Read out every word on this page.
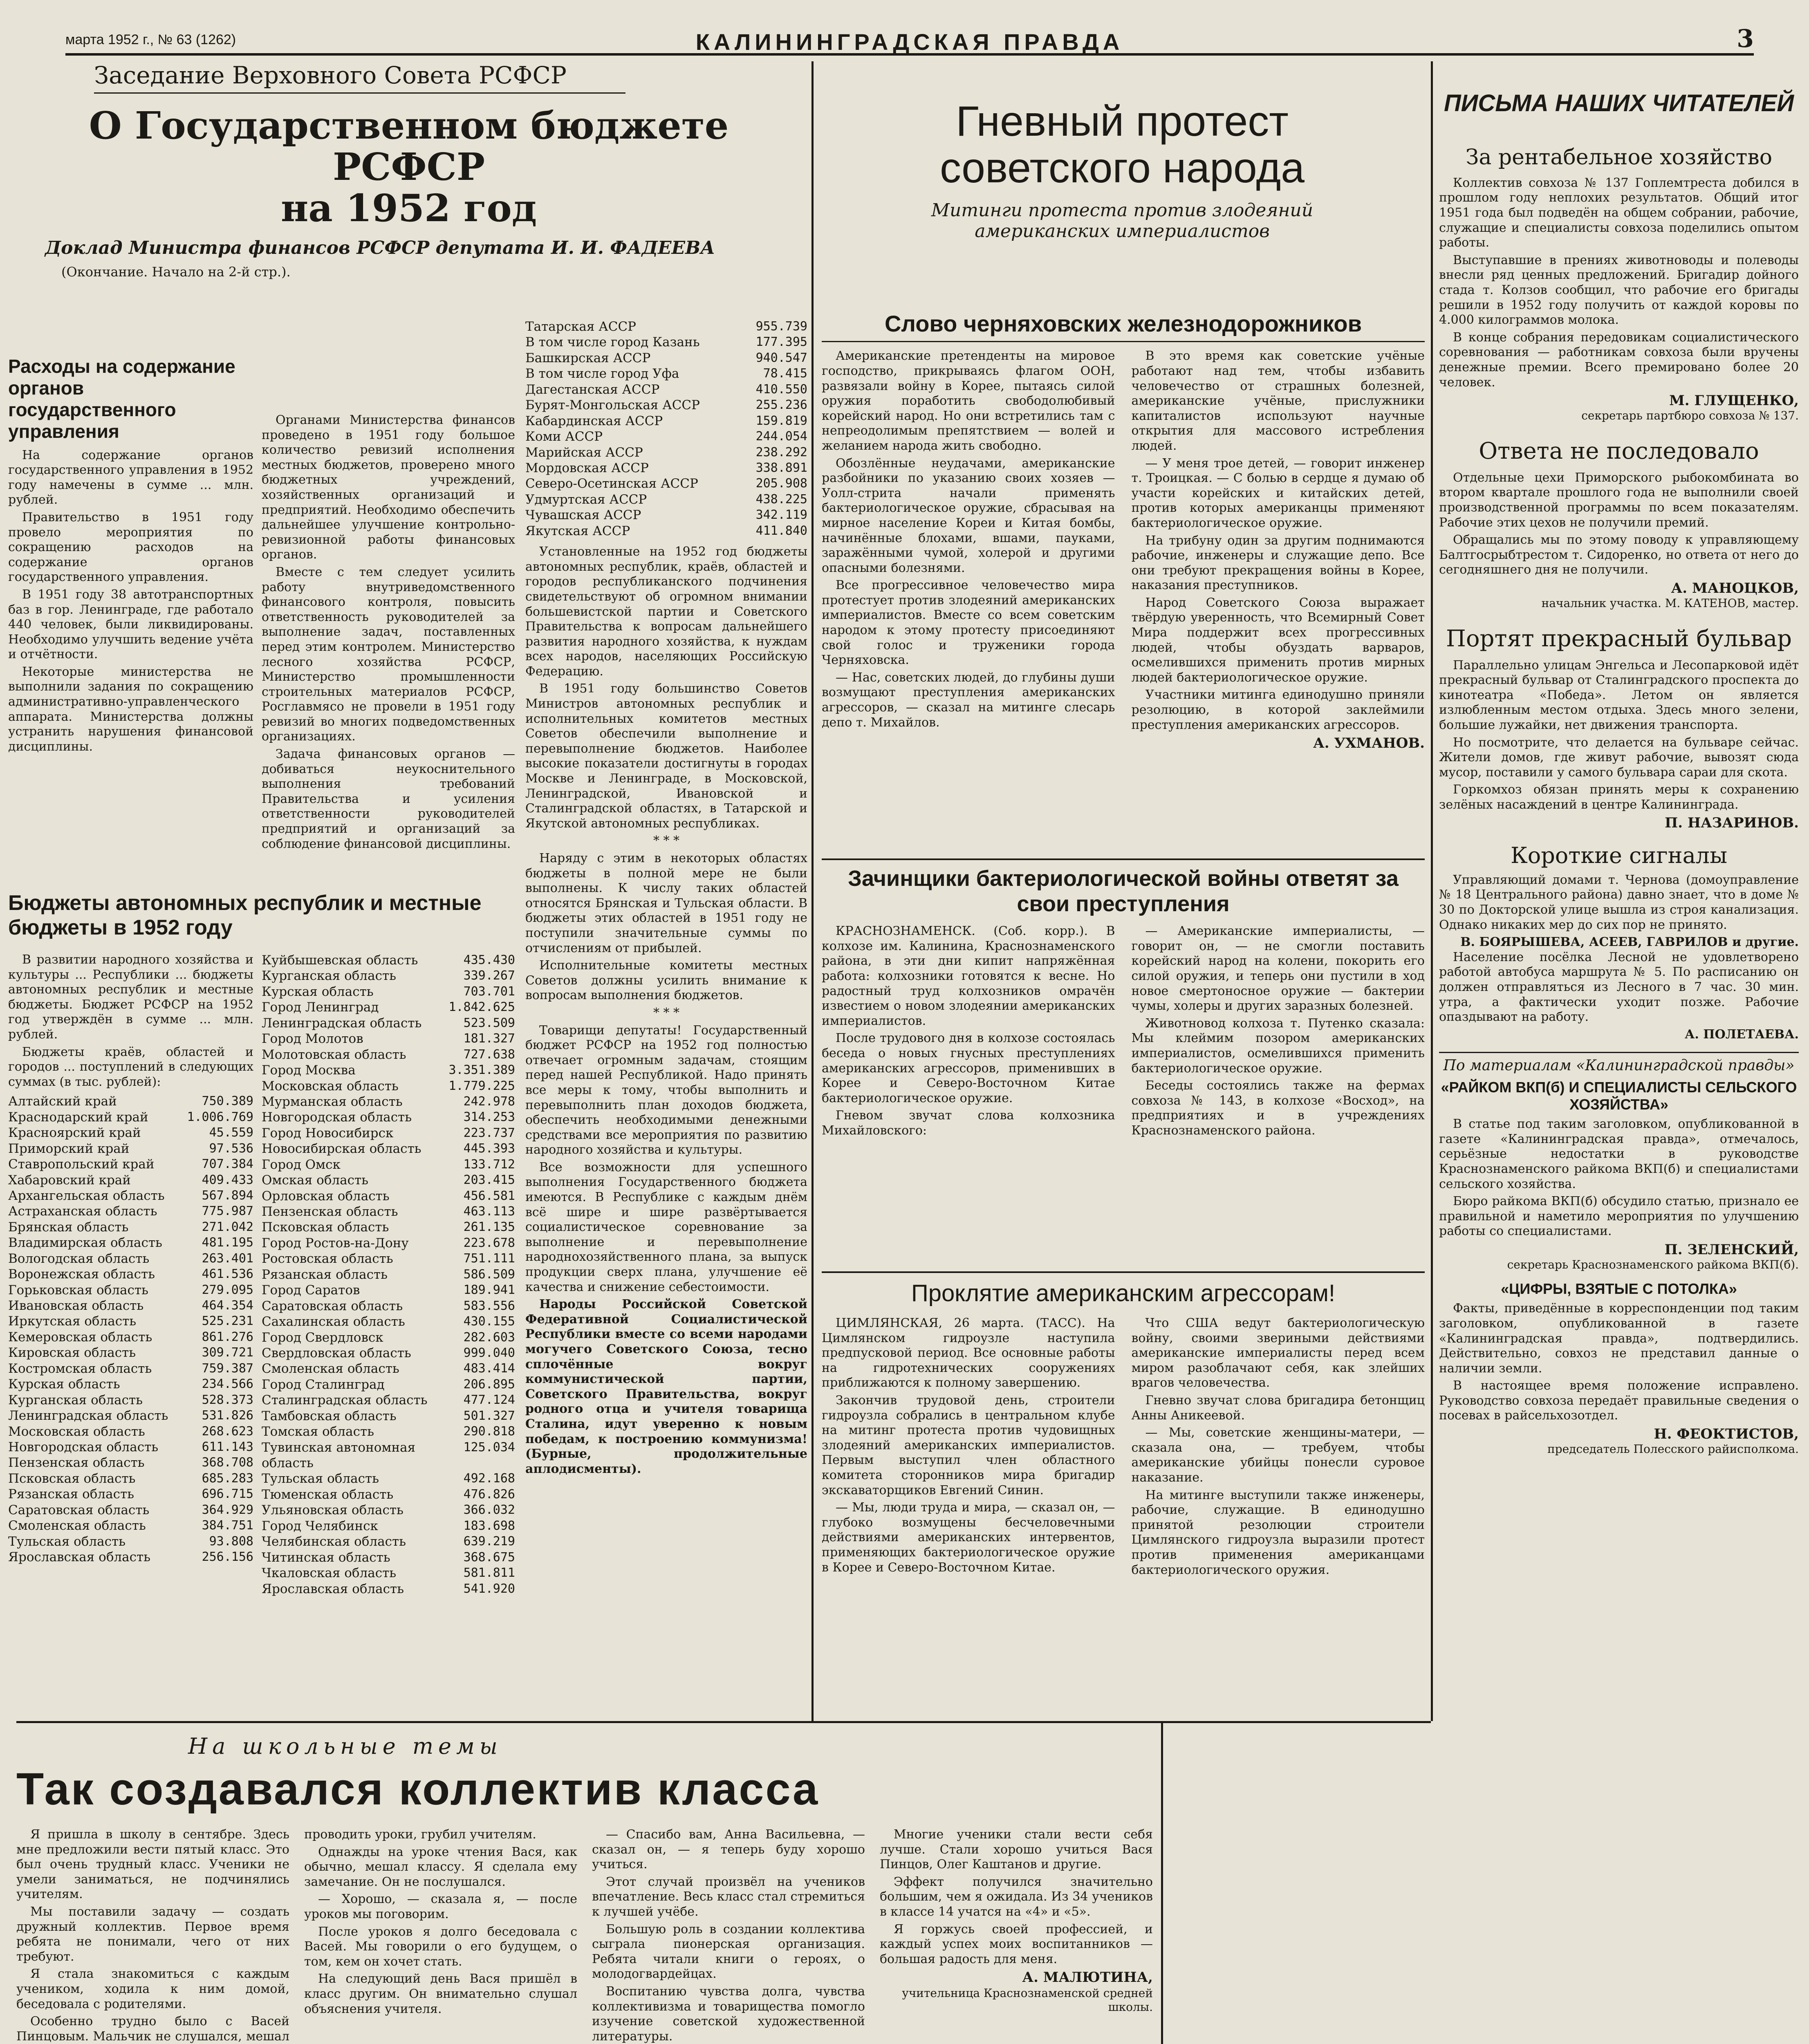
марта 1952 г., № 63 (1262)	КАЛИНИНГРАДСКАЯ ПРАВДА	3
Заседание Верховного Совета РСФСР
О Государственном бюджете РСФСР
на 1952 год
Доклад Министра финансов РСФСР депутата И. И. ФАДЕЕВА
(Окончание. Начало на 2-й стр.).
Расходы на содержание органов государственного управления

На содержание органов государственного управления в 1952 году намечены в сумме ... млн. рублей.

Правительство в 1951 году провело мероприятия по сокращению расходов на содержание органов государственного управления.

В 1951 году 38 автотранспортных баз в гор. Ленинграде, где работало 440 человек, были ликвидированы. Необходимо улучшить ведение учёта и отчётности.

Некоторые министерства не выполнили задания по сокращению административно-управленческого аппарата. Министерства должны устранить нарушения финансовой дисциплины.

Органами Министерства финансов проведено в 1951 году большое количество ревизий исполнения местных бюджетов, проверено много бюджетных учреждений, хозяйственных организаций и предприятий. Необходимо обеспечить дальнейшее улучшение контрольно-ревизионной работы финансовых органов.

Вместе с тем следует усилить работу внутриведомственного финансового контроля, повысить ответственность руководителей за выполнение задач, поставленных перед этим контролем. Министерство лесного хозяйства РСФСР, Министерство промышленности строительных материалов РСФСР, Росглавмясо не провели в 1951 году ревизий во многих подведомственных организациях.

Задача финансовых органов — добиваться неукоснительного выполнения требований Правительства и усиления ответственности руководителей предприятий и организаций за соблюдение финансовой дисциплины.

Бюджеты автономных республик и местные бюджеты в 1952 году

В развитии народного хозяйства и культуры ... Республики ... бюджеты автономных республик и местные бюджеты. Бюджет РСФСР на 1952 год утверждён в сумме ... млн. рублей.

Бюджеты краёв, областей и городов ... поступлений в следующих суммах (в тыс. рублей):

Алтайский край	750.389
Краснодарский край	1.006.769
Красноярский край	45.559
Приморский край	97.536
Ставропольский край	707.384
Хабаровский край	409.433
Архангельская область	567.894
Астраханская область	775.987
Брянская область	271.042
Владимирская область	481.195
Вологодская область	263.401
Воронежская область	461.536
Горьковская область	279.095
Ивановская область	464.354
Иркутская область	525.231
Кемеровская область	861.276
Кировская область	309.721
Костромская область	759.387
Курская область	234.566
Курганская область	528.373
Ленинградская область	531.826
Московская область	268.623
Новгородская область	611.143
Пензенская область	368.708
Псковская область	685.283
Рязанская область	696.715
Саратовская область	364.929
Смоленская область	384.751
Тульская область	93.808
Ярославская область	256.156
Куйбышевская область	435.430
Курганская область	339.267
Курская область	703.701
Город Ленинград	1.842.625
Ленинградская область	523.509
Город Молотов	181.327
Молотовская область	727.638
Город Москва	3.351.389
Московская область	1.779.225
Мурманская область	242.978
Новгородская область	314.253
Город Новосибирск	223.737
Новосибирская область	445.393
Город Омск	133.712
Омская область	203.415
Орловская область	456.581
Пензенская область	463.113
Псковская область	261.135
Город Ростов-на-Дону	223.678
Ростовская область	751.111
Рязанская область	586.509
Город Саратов	189.941
Саратовская область	583.556
Сахалинская область	430.155
Город Свердловск	282.603
Свердловская область	999.040
Смоленская область	483.414
Город Сталинград	206.895
Сталинградская область	477.124
Тамбовская область	501.327
Томская область	290.818
Тувинская автономная область
125.034
Тульская область	492.168
Тюменская область	476.826
Ульяновская область	366.032
Город Челябинск	183.698
Челябинская область	639.219
Читинская область	368.675
Чкаловская область	581.811
Ярославская область	541.920
Татарская АССР	955.739
В том числе город Казань	177.395
Башкирская АССР	940.547
В том числе город Уфа	78.415
Дагестанская АССР	410.550
Бурят-Монгольская АССР	255.236
Кабардинская АССР	159.819
Коми АССР	244.054
Марийская АССР	238.292
Мордовская АССР	338.891
Северо-Осетинская АССР	205.908
Удмуртская АССР	438.225
Чувашская АССР	342.119
Якутская АССР	411.840

Установленные на 1952 год бюджеты автономных республик, краёв, областей и городов республиканского подчинения свидетельствуют об огромном внимании большевистской партии и Советского Правительства к вопросам дальнейшего развития народного хозяйства, к нуждам всех народов, населяющих Российскую Федерацию.

В 1951 году большинство Советов Министров автономных республик и исполнительных комитетов местных Советов обеспечили выполнение и перевыполнение бюджетов. Наиболее высокие показатели достигнуты в городах Москве и Ленинграде, в Московской, Ленинградской, Ивановской и Сталинградской областях, в Татарской и Якутской автономных республиках.

* * *

Наряду с этим в некоторых областях бюджеты в полной мере не были выполнены. К числу таких областей относятся Брянская и Тульская области. В бюджеты этих областей в 1951 году не поступили значительные суммы по отчислениям от прибылей.

Исполнительные комитеты местных Советов должны усилить внимание к вопросам выполнения бюджетов.

* * *

Товарищи депутаты! Государственный бюджет РСФСР на 1952 год полностью отвечает огромным задачам, стоящим перед нашей Республикой. Надо принять все меры к тому, чтобы выполнить и перевыполнить план доходов бюджета, обеспечить необходимыми денежными средствами все мероприятия по развитию народного хозяйства и культуры.

Все возможности для успешного выполнения Государственного бюджета имеются. В Республике с каждым днём всё шире и шире развёртывается социалистическое соревнование за выполнение и перевыполнение народнохозяйственного плана, за выпуск продукции сверх плана, улучшение её качества и снижение себестоимости.

Народы Российской Советской Федеративной Социалистической Республики вместе со всеми народами могучего Советского Союза, тесно сплочённые вокруг коммунистической партии, Советского Правительства, вокруг родного отца и учителя товарища Сталина, идут уверенно к новым победам, к построению коммунизма! (Бурные, продолжительные аплодисменты).

Гневный протест
советского народа
Митинги протеста против злодеяний американских империалистов
Слово черняховских железнодорожников

Американские претенденты на мировое господство, прикрываясь флагом ООН, развязали войну в Корее, пытаясь силой оружия поработить свободолюбивый корейский народ. Но они встретились там с непреодолимым препятствием — волей и желанием народа жить свободно.

Обозлённые неудачами, американские разбойники по указанию своих хозяев — Уолл-стрита начали применять бактериологическое оружие, сбрасывая на мирное население Кореи и Китая бомбы, начинённые блохами, вшами, пауками, заражёнными чумой, холерой и другими опасными болезнями.

Все прогрессивное человечество мира протестует против злодеяний американских империалистов. Вместе со всем советским народом к этому протесту присоединяют свой голос и труженики города Черняховска.

— Нас, советских людей, до глубины души возмущают преступления американских агрессоров, — сказал на митинге слесарь депо т. Михайлов.

В это время как советские учёные работают над тем, чтобы избавить человечество от страшных болезней, американские учёные, прислужники капиталистов используют научные открытия для массового истребления людей.

— У меня трое детей, — говорит инженер т. Троицкая. — С болью в сердце я думаю об участи корейских и китайских детей, против которых американцы применяют бактериологическое оружие.

На трибуну один за другим поднимаются рабочие, инженеры и служащие депо. Все они требуют прекращения войны в Корее, наказания преступников.

Народ Советского Союза выражает твёрдую уверенность, что Всемирный Совет Мира поддержит всех прогрессивных людей, чтобы обуздать варваров, осмелившихся применить против мирных людей бактериологическое оружие.

Участники митинга единодушно приняли резолюцию, в которой заклеймили преступления американских агрессоров.

А. УХМАНОВ.
Зачинщики бактериологической войны ответят за свои преступления

КРАСНОЗНАМЕНСК. (Соб. корр.). В колхозе им. Калинина, Краснознаменского района, в эти дни кипит напряжённая работа: колхозники готовятся к весне. Но радостный труд колхозников омрачён известием о новом злодеянии американских империалистов.

После трудового дня в колхозе состоялась беседа о новых гнусных преступлениях американских агрессоров, применивших в Корее и Северо-Восточном Китае бактериологическое оружие.

Гневом звучат слова колхозника Михайловского:

— Американские империалисты, — говорит он, — не смогли поставить корейский народ на колени, покорить его силой оружия, и теперь они пустили в ход новое смертоносное оружие — бактерии чумы, холеры и других заразных болезней.

Животновод колхоза т. Путенко сказала: Мы клеймим позором американских империалистов, осмелившихся применить бактериологическое оружие.

Беседы состоялись также на фермах совхоза № 143, в колхозе «Восход», на предприятиях и в учреждениях Краснознаменского района.

Проклятие американским агрессорам!

ЦИМЛЯНСКАЯ, 26 марта. (ТАСС). На Цимлянском гидроузле наступила предпусковой период. Все основные работы на гидротехнических сооружениях приближаются к полному завершению.

Закончив трудовой день, строители гидроузла собрались в центральном клубе на митинг протеста против чудовищных злодеяний американских империалистов. Первым выступил член областного комитета сторонников мира бригадир экскаваторщиков Евгений Синин.

— Мы, люди труда и мира, — сказал он, — глубоко возмущены бесчеловечными действиями американских интервентов, применяющих бактериологическое оружие в Корее и Северо-Восточном Китае.

Что США ведут бактериологическую войну, своими звериными действиями американские империалисты перед всем миром разоблачают себя, как злейших врагов человечества.

Гневно звучат слова бригадира бетонщиц Анны Аникеевой.

— Мы, советские женщины-матери, — сказала она, — требуем, чтобы американские убийцы понесли суровое наказание.

На митинге выступили также инженеры, рабочие, служащие. В единодушно принятой резолюции строители Цимлянского гидроузла выразили протест против применения американцами бактериологического оружия.

ПИСЬМА НАШИХ ЧИТАТЕЛЕЙ
За рентабельное хозяйство

Коллектив совхоза № 137 Гоплемтреста добился в прошлом году неплохих результатов. Общий итог 1951 года был подведён на общем собрании, рабочие, служащие и специалисты совхоза поделились опытом работы.

Выступавшие в прениях животноводы и полеводы внесли ряд ценных предложений. Бригадир дойного стада т. Колзов сообщил, что рабочие его бригады решили в 1952 году получить от каждой коровы по 4.000 килограммов молока.

В конце собрания передовикам социалистического соревнования — работникам совхоза были вручены денежные премии. Всего премировано более 20 человек.

М. ГЛУЩЕНКО,
секретарь партбюро совхоза № 137.
Ответа не последовало

Отдельные цехи Приморского рыбокомбината во втором квартале прошлого года не выполнили своей производственной программы по всем показателям. Рабочие этих цехов не получили премий.

Обращались мы по этому поводу к управляющему Балтгосрыбтрестом т. Сидоренко, но ответа от него до сегодняшнего дня не получили.

А. МАНОЦКОВ,
начальник участка. М. КАТЕНОВ, мастер.
Портят прекрасный бульвар

Параллельно улицам Энгельса и Лесопарковой идёт прекрасный бульвар от Сталинградского проспекта до кинотеатра «Победа». Летом он является излюбленным местом отдыха. Здесь много зелени, большие лужайки, нет движения транспорта.

Но посмотрите, что делается на бульваре сейчас. Жители домов, где живут рабочие, вывозят сюда мусор, поставили у самого бульвара сараи для скота.

Горкомхоз обязан принять меры к сохранению зелёных насаждений в центре Калининграда.

П. НАЗАРИНОВ.
Короткие сигналы

Управляющий домами т. Чернова (домоуправление № 18 Центрального района) давно знает, что в доме № 30 по Докторской улице вышла из строя канализация. Однако никаких мер до сих пор не принято.

В. БОЯРЫШЕВА, АСЕЕВ, ГАВРИЛОВ и другие.

Население посёлка Лесной не удовлетворено работой автобуса маршрута № 5. По расписанию он должен отправляться из Лесного в 7 час. 30 мин. утра, а фактически уходит позже. Рабочие опаздывают на работу.

А. ПОЛЕТАЕВА.
По материалам «Калининградской правды»
«РАЙКОМ ВКП(б) И СПЕЦИАЛИСТЫ СЕЛЬСКОГО ХОЗЯЙСТВА»

В статье под таким заголовком, опубликованной в газете «Калининградская правда», отмечалось, серьёзные недостатки в руководстве Краснознаменского райкома ВКП(б) и специалистами сельского хозяйства.

Бюро райкома ВКП(б) обсудило статью, признало ее правильной и наметило мероприятия по улучшению работы со специалистами.

П. ЗЕЛЕНСКИЙ,
секретарь Краснознаменского райкома ВКП(б).
«ЦИФРЫ, ВЗЯТЫЕ С ПОТОЛКА»

Факты, приведённые в корреспонденции под таким заголовком, опубликованной в газете «Калининградская правда», подтвердились. Действительно, совхоз не представил данные о наличии земли.

В настоящее время положение исправлено. Руководство совхоза передаёт правильные сведения о посевах в райсельхозотдел.

Н. ФЕОКТИСТОВ,
председатель Полесского райисполкома.
На школьные темы
Так создавался коллектив класса

Я пришла в школу в сентябре. Здесь мне предложили вести пятый класс. Это был очень трудный класс. Ученики не умели заниматься, не подчинялись учителям.

Мы поставили задачу — создать дружный коллектив. Первое время ребята не понимали, чего от них требуют.

Я стала знакомиться с каждым учеником, ходила к ним домой, беседовала с родителями.

Особенно трудно было с Васей Пинцовым. Мальчик не слушался, мешал проводить уроки, грубил учителям.

Однажды на уроке чтения Вася, как обычно, мешал классу. Я сделала ему замечание. Он не послушался.

— Хорошо, — сказала я, — после уроков мы поговорим.

После уроков я долго беседовала с Васей. Мы говорили о его будущем, о том, кем он хочет стать.

На следующий день Вася пришёл в класс другим. Он внимательно слушал объяснения учителя.

— Спасибо вам, Анна Васильевна, — сказал он, — я теперь буду хорошо учиться.

Этот случай произвёл на учеников впечатление. Весь класс стал стремиться к лучшей учёбе.

Большую роль в создании коллектива сыграла пионерская организация. Ребята читали книги о героях, о молодогвардейцах.

Воспитанию чувства долга, чувства коллективизма и товарищества помогло изучение советской художественной литературы.

Многие ученики стали вести себя лучше. Стали хорошо учиться Вася Пинцов, Олег Каштанов и другие.

Эффект получился значительно большим, чем я ожидала. Из 34 учеников в классе 14 учатся на «4» и «5».

Я горжусь своей профессией, и каждый успех моих воспитанников — большая радость для меня.

А. МАЛЮТИНА,
учительница Краснознаменской средней школы.
